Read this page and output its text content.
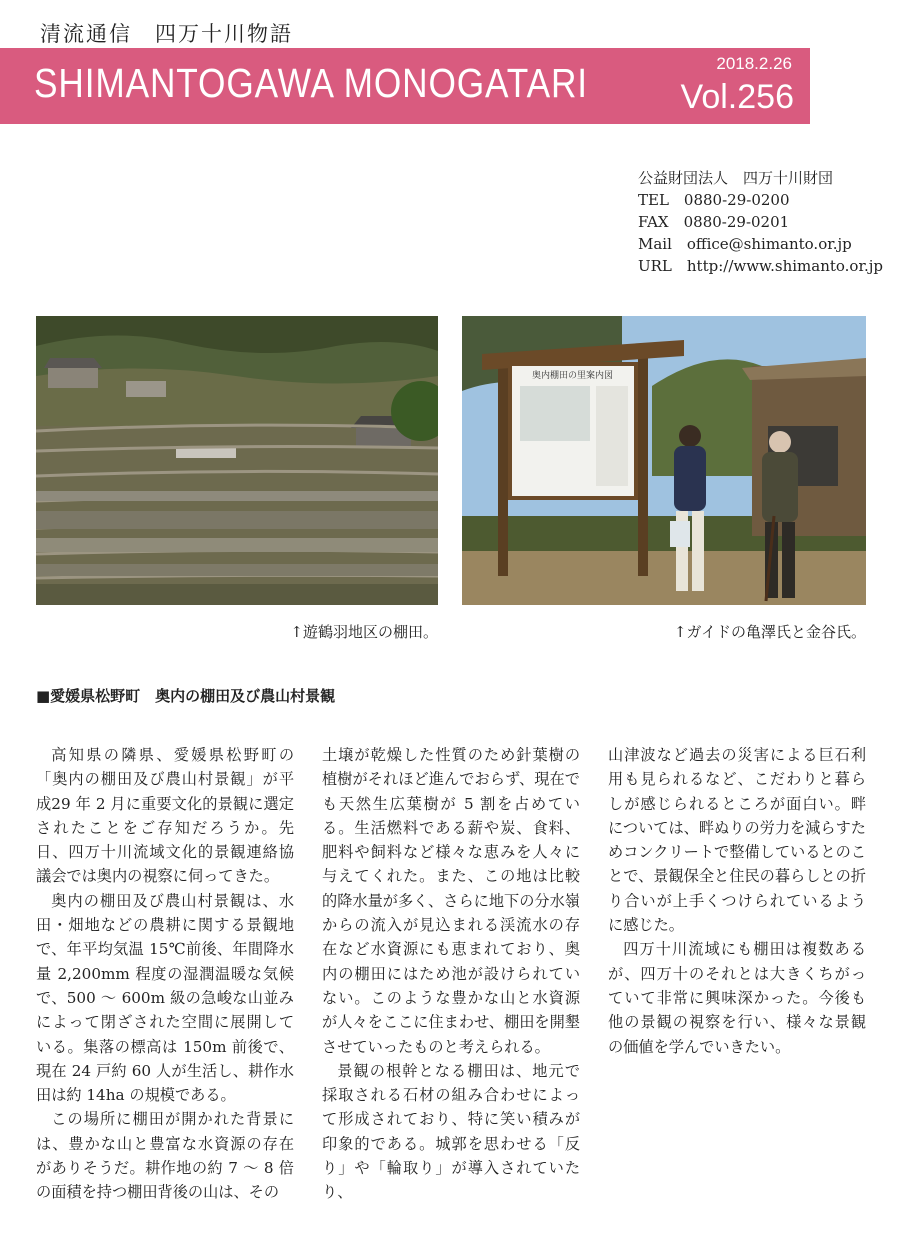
清流通信　四万十川物語
SHIMANTOGAWA MONOGATARI	2018.2.26
Vol.256
公益財団法人　四万十川財団
TEL　0880-29-0200
FAX　0880-29-0201
Mail　office@shimanto.or.jp
URL　http://www.shimanto.or.jp
奥内棚田の里案内図
↑遊鶴羽地区の棚田。	↑ガイドの亀澤氏と金谷氏。
■愛媛県松野町　奥内の棚田及び農山村景観

高知県の隣県、愛媛県松野町の「奥内の棚田及び農山村景観」が平成29 年 2 月に重要文化的景観に選定されたことをご存知だろうか。先日、四万十川流域文化的景観連絡協議会では奥内の視察に伺ってきた。

奥内の棚田及び農山村景観は、水田・畑地などの農耕に関する景観地で、年平均気温 15℃前後、年間降水量 2,200mm 程度の湿潤温暖な気候で、500 ～ 600m 級の急峻な山並みによって閉ざされた空間に展開している。集落の標高は 150m 前後で、現在 24 戸約 60 人が生活し、耕作水田は約 14ha の規模である。

この場所に棚田が開かれた背景には、豊かな山と豊富な水資源の存在がありそうだ。耕作地の約 7 ～ 8 倍の面積を持つ棚田背後の山は、その

土壌が乾燥した性質のため針葉樹の植樹がそれほど進んでおらず、現在でも天然生広葉樹が 5 割を占めている。生活燃料である薪や炭、食料、肥料や飼料など様々な恵みを人々に与えてくれた。また、この地は比較的降水量が多く、さらに地下の分水嶺からの流入が見込まれる渓流水の存在など水資源にも恵まれており、奥内の棚田にはため池が設けられていない。このような豊かな山と水資源が人々をここに住まわせ、棚田を開墾させていったものと考えられる。

景観の根幹となる棚田は、地元で採取される石材の組み合わせによって形成されており、特に笑い積みが印象的である。城郭を思わせる「反り」や「輪取り」が導入されていたり、

山津波など過去の災害による巨石利用も見られるなど、こだわりと暮らしが感じられるところが面白い。畔については、畔ぬりの労力を減らすためコンクリートで整備しているとのことで、景観保全と住民の暮らしとの折り合いが上手くつけられているように感じた。

四万十川流域にも棚田は複数あるが、四万十のそれとは大きくちがっていて非常に興味深かった。今後も他の景観の視察を行い、様々な景観の価値を学んでいきたい。
